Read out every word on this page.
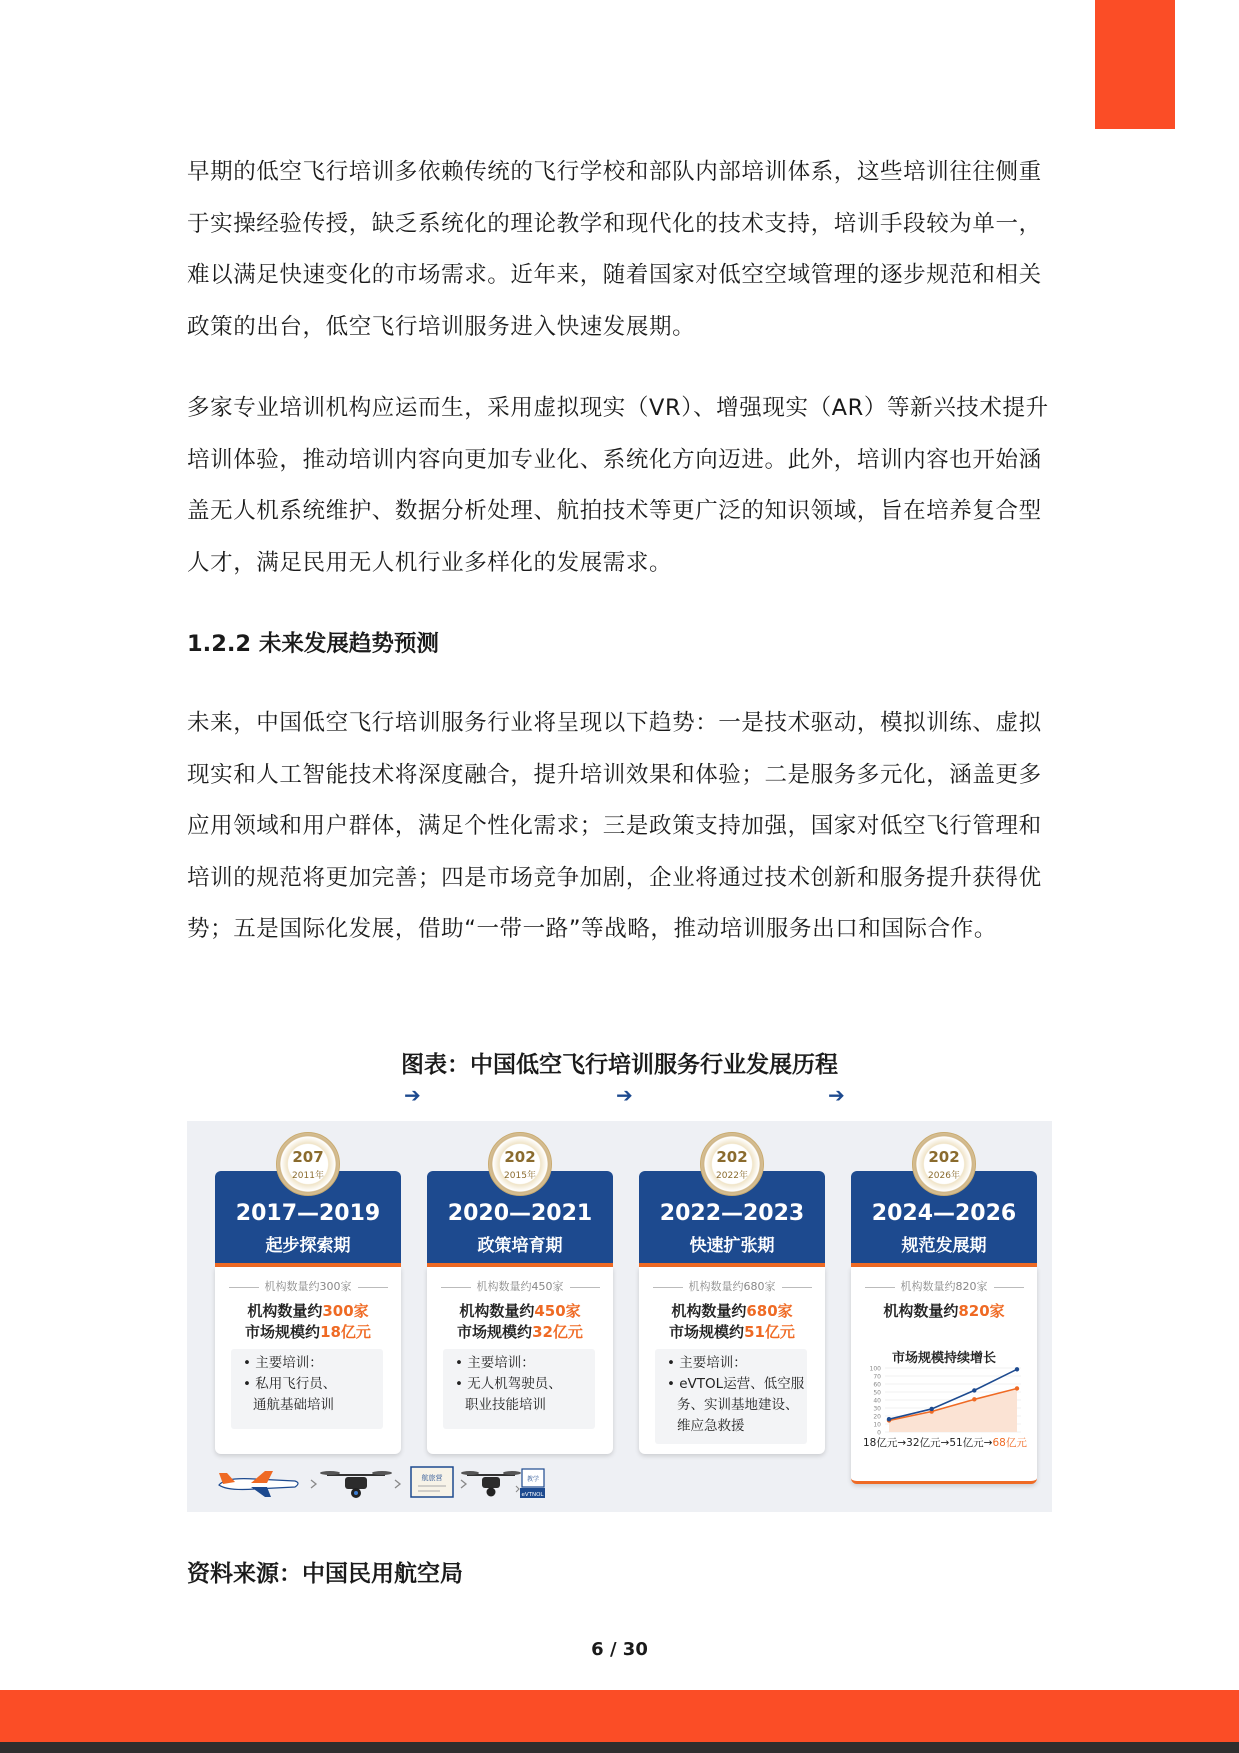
早期的低空飞行培训多依赖传统的飞行学校和部队内部培训体系，这些培训往往侧重于实操经验传授，缺乏系统化的理论教学和现代化的技术支持，培训手段较为单一，难以满足快速变化的市场需求。近年来，随着国家对低空空域管理的逐步规范和相关政策的出台，低空飞行培训服务进入快速发展期。

多家专业培训机构应运而生，采用虚拟现实（VR）、增强现实（AR）等新兴技术提升培训体验，推动培训内容向更加专业化、系统化方向迈进。此外，培训内容也开始涵盖无人机系统维护、数据分析处理、航拍技术等更广泛的知识领域，旨在培养复合型人才，满足民用无人机行业多样化的发展需求。

1.2.2 未来发展趋势预测

未来，中国低空飞行培训服务行业将呈现以下趋势：一是技术驱动，模拟训练、虚拟现实和人工智能技术将深度融合，提升培训效果和体验；二是服务多元化，涵盖更多应用领域和用户群体，满足个性化需求；三是政策支持加强，国家对低空飞行管理和培训的规范将更加完善；四是市场竞争加剧，企业将通过技术创新和服务提升获得优势；五是国际化发展，借助“一带一路”等战略，推动培训服务出口和国际合作。

图表：中国低空飞行培训服务行业发展历程
207
2011年
2017—2019
起步探索期
机构数量约300家
机构数量约300家
市场规模约18亿元
• 主要培训：
• 私用飞行员、
通航基础培训
202
2015年
2020—2021
政策培育期
机构数量约450家
机构数量约450家
市场规模约32亿元
• 主要培训：
• 无人机驾驶员、
职业技能培训
202
2022年
2022—2023
快速扩张期
机构数量约680家
机构数量约680家
市场规模约51亿元
• 主要培训：
• eVTOL运营、低空服
务、实训基地建设、
维应急救援
202
2026年
2024—2026
规范发展期
机构数量约820家
机构数量约820家
市场规模持续增长
100
70
60
50
40
30
20
10
0
18亿元→32亿元→51亿元→68亿元
航旅营	教学
eVTNOL
➔	➔	➔

资料来源：中国民用航空局

6 / 30
